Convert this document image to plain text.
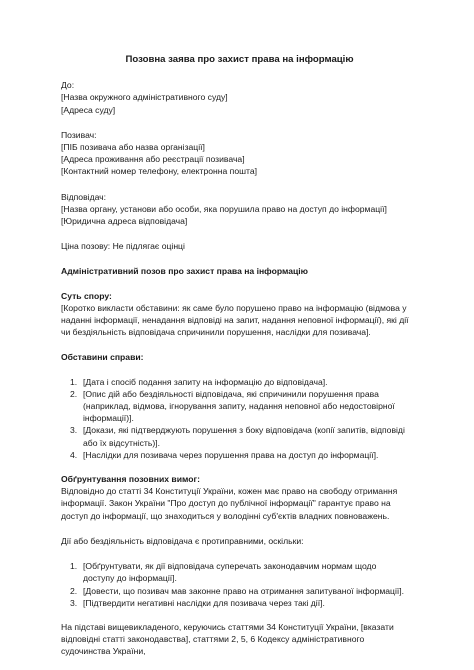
Позовна заява про захист права на інформацію
До:
[Назва окружного адміністративного суду]
[Адреса суду]
Позивач:
[ПІБ позивача або назва організації]
[Адреса проживання або реєстрації позивача]
[Контактний номер телефону, електронна пошта]
Відповідач:
[Назва органу, установи або особи, яка порушила право на доступ до інформації]
[Юридична адреса відповідача]
Ціна позову: Не підлягає оцінці
Адміністративний позов про захист права на інформацію
Суть спору:
[Коротко викласти обставини: як саме було порушено право на інформацію (відмова у
наданні інформації, ненадання відповіді на запит, надання неповної інформації), які дії
чи бездіяльність відповідача спричинили порушення, наслідки для позивача].
Обставини справи:
1. [Дата і спосіб подання запиту на інформацію до відповідача].
2. [Опис дій або бездіяльності відповідача, які спричинили порушення права
(наприклад, відмова, ігнорування запиту, надання неповної або недостовірної
інформації)].
3. [Докази, які підтверджують порушення з боку відповідача (копії запитів, відповіді
або їх відсутність)].
4. [Наслідки для позивача через порушення права на доступ до інформації].
Обґрунтування позовних вимог:
Відповідно до статті 34 Конституції України, кожен має право на свободу отримання
інформації. Закон України "Про доступ до публічної інформації" гарантує право на
доступ до інформації, що знаходиться у володінні суб'єктів владних повноважень.
Дії або бездіяльність відповідача є протиправними, оскільки:
1. [Обґрунтувати, як дії відповідача суперечать законодавчим нормам щодо
доступу до інформації].
2. [Довести, що позивач мав законне право на отримання запитуваної інформації].
3. [Підтвердити негативні наслідки для позивача через такі дії].
На підставі вищевикладеного, керуючись статтями 34 Конституції України, [вказати
відповідні статті законодавства], статтями 2, 5, 6 Кодексу адміністративного
судочинства України,
